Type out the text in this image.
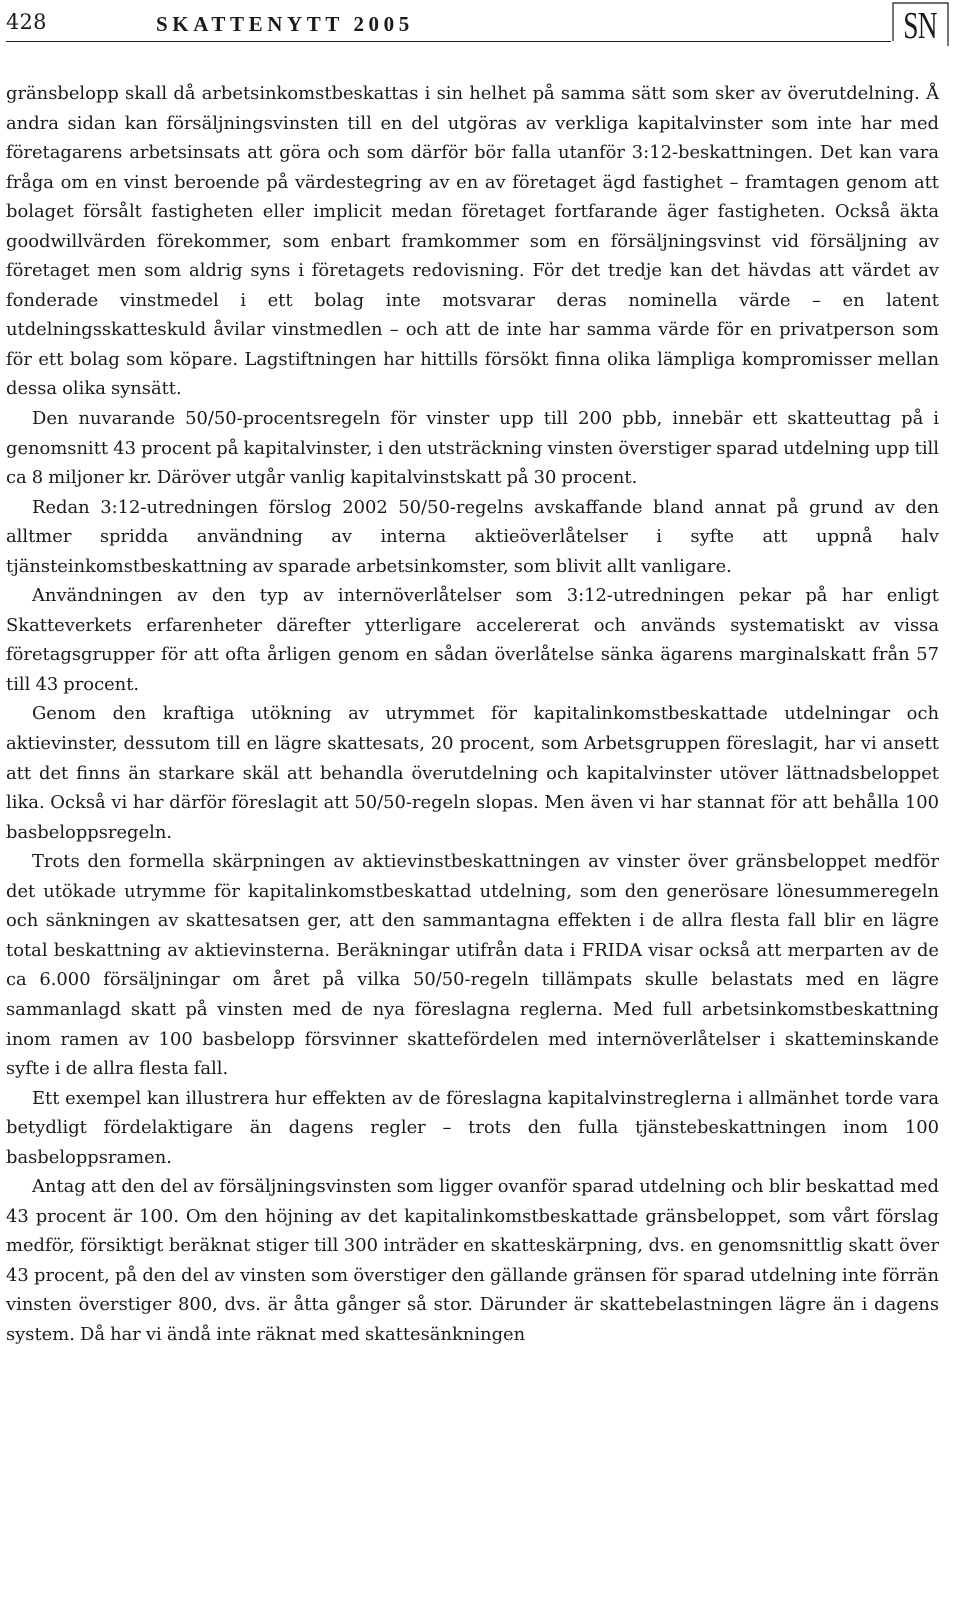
428	SKATTENYTT 2005	SN

gränsbelopp skall då arbetsinkomstbeskattas i sin helhet på samma sätt som sker av överutdelning. Å andra sidan kan försäljningsvinsten till en del utgöras av verkliga kapitalvinster som inte har med företagarens arbetsinsats att göra och som därför bör falla utanför 3:12-beskattningen. Det kan vara fråga om en vinst beroende på värdestegring av en av företaget ägd fastighet – framtagen genom att bolaget försålt fastigheten eller implicit medan företaget fortfarande äger fastigheten. Också äkta goodwillvärden förekommer, som enbart framkommer som en försäljningsvinst vid försäljning av företaget men som aldrig syns i företagets redovisning. För det tredje kan det hävdas att värdet av fonderade vinstmedel i ett bolag inte motsvarar deras nominella värde – en latent utdelningsskatteskuld åvilar vinstmedlen – och att de inte har samma värde för en privatperson som för ett bolag som köpare. Lagstiftningen har hittills försökt finna olika lämpliga kompromisser mellan dessa olika synsätt.

Den nuvarande 50/50-procentsregeln för vinster upp till 200 pbb, innebär ett skatteuttag på i genomsnitt 43 procent på kapitalvinster, i den utsträckning vinsten överstiger sparad utdelning upp till ca 8 miljoner kr. Däröver utgår vanlig kapitalvinstskatt på 30 procent.

Redan 3:12-utredningen förslog 2002 50/50-regelns avskaffande bland annat på grund av den alltmer spridda användning av interna aktieöverlåtelser i syfte att uppnå halv tjänsteinkomstbeskattning av sparade arbetsinkomster, som blivit allt vanligare.

Användningen av den typ av internöverlåtelser som 3:12-utredningen pekar på har enligt Skatteverkets erfarenheter därefter ytterligare accelererat och används systematiskt av vissa företagsgrupper för att ofta årligen genom en sådan överlåtelse sänka ägarens marginalskatt från 57 till 43 procent.

Genom den kraftiga utökning av utrymmet för kapitalinkomstbeskattade utdelningar och aktievinster, dessutom till en lägre skattesats, 20 procent, som Arbetsgruppen föreslagit, har vi ansett att det finns än starkare skäl att behandla överutdelning och kapitalvinster utöver lättnadsbeloppet lika. Också vi har därför föreslagit att 50/50-regeln slopas. Men även vi har stannat för att behålla 100 basbeloppsregeln.

Trots den formella skärpningen av aktievinstbeskattningen av vinster över gränsbeloppet medför det utökade utrymme för kapitalinkomstbeskattad utdelning, som den generösare lönesummeregeln och sänkningen av skattesatsen ger, att den sammantagna effekten i de allra flesta fall blir en lägre total beskattning av aktievinsterna. Beräkningar utifrån data i FRIDA visar också att merparten av de ca 6.000 försäljningar om året på vilka 50/50-regeln tillämpats skulle belastats med en lägre sammanlagd skatt på vinsten med de nya föreslagna reglerna. Med full arbetsinkomstbeskattning inom ramen av 100 basbelopp försvinner skattefördelen med internöverlåtelser i skatteminskande syfte i de allra flesta fall.

Ett exempel kan illustrera hur effekten av de föreslagna kapitalvinstreglerna i allmänhet torde vara betydligt fördelaktigare än dagens regler – trots den fulla tjänstebeskattningen inom 100 basbeloppsramen.

Antag att den del av försäljningsvinsten som ligger ovanför sparad utdelning och blir beskattad med 43 procent är 100. Om den höjning av det kapitalinkomstbeskattade gränsbeloppet, som vårt förslag medför, försiktigt beräknat stiger till 300 inträder en skatteskärpning, dvs. en genomsnittlig skatt över 43 procent, på den del av vinsten som överstiger den gällande gränsen för sparad utdelning inte förrän vinsten överstiger 800, dvs. är åtta gånger så stor. Därunder är skattebelastningen lägre än i dagens system. Då har vi ändå inte räknat med skattesänkningen
